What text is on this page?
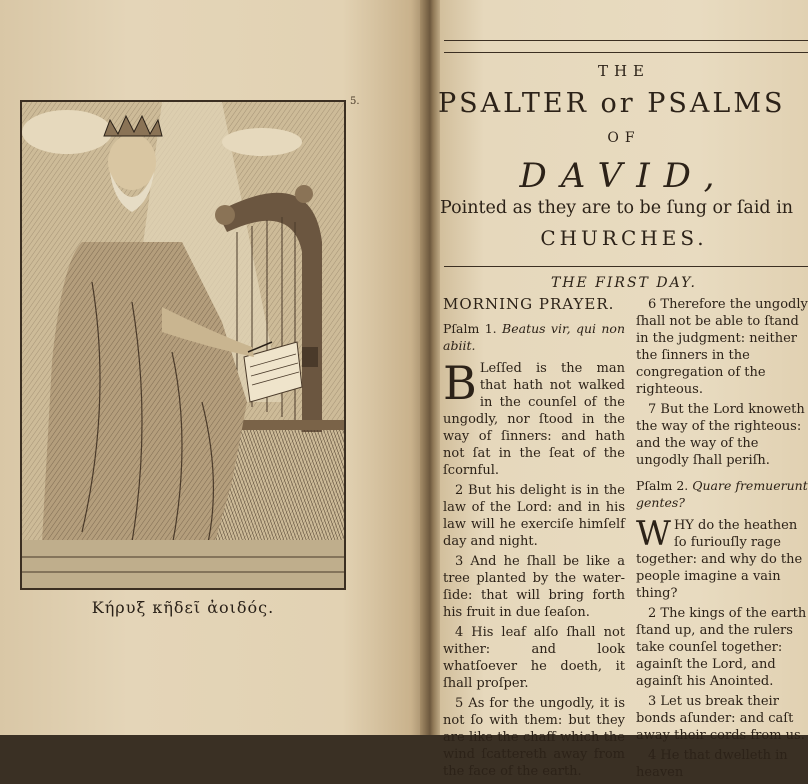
5.
Κήρυξ κῆδεῖ ἀοιδός.
THE
PSALTER or PSALMS
OF
DAVID,
Pointed as they are to be ſung or ſaid in
CHURCHES.
THE FIRST DAY.

MORNING PRAYER.

Pſalm 1. Beatus vir, qui non abiit.

B Leſſed is the man that hath not walked in the counſel of the ungodly, nor ſtood in the way of ſinners: and hath not ſat in the ſeat of the ſcornful.

2 But his delight is in the law of the Lord: and in his law will he exerciſe himſelf day and night.

3 And he ſhall be like a tree planted by the water-ſide: that will bring forth his fruit in due ſeaſon.

4 His leaf alſo ſhall not wither: and look whatſoever he doeth, it ſhall proſper.

5 As for the ungodly, it is not ſo with them: but they are like the chaff which the wind ſcattereth away from the face of the earth.

6 Therefore the ungodly ſhall not be able to ſtand in the judgment: neither the ſinners in the congregation of the righteous.

7 But the Lord knoweth the way of the righteous: and the way of the ungodly ſhall periſh.

Pſalm 2. Quare fremuerunt gentes?

WHY do the heathen ſo furiouſly rage together: and why do the people imagine a vain thing?

2 The kings of the earth ſtand up, and the rulers take counſel together: againſt the Lord, and againſt his Anointed.

3 Let us break their bonds aſunder: and caſt away their cords from us.

4 He that dwelleth in heaven
